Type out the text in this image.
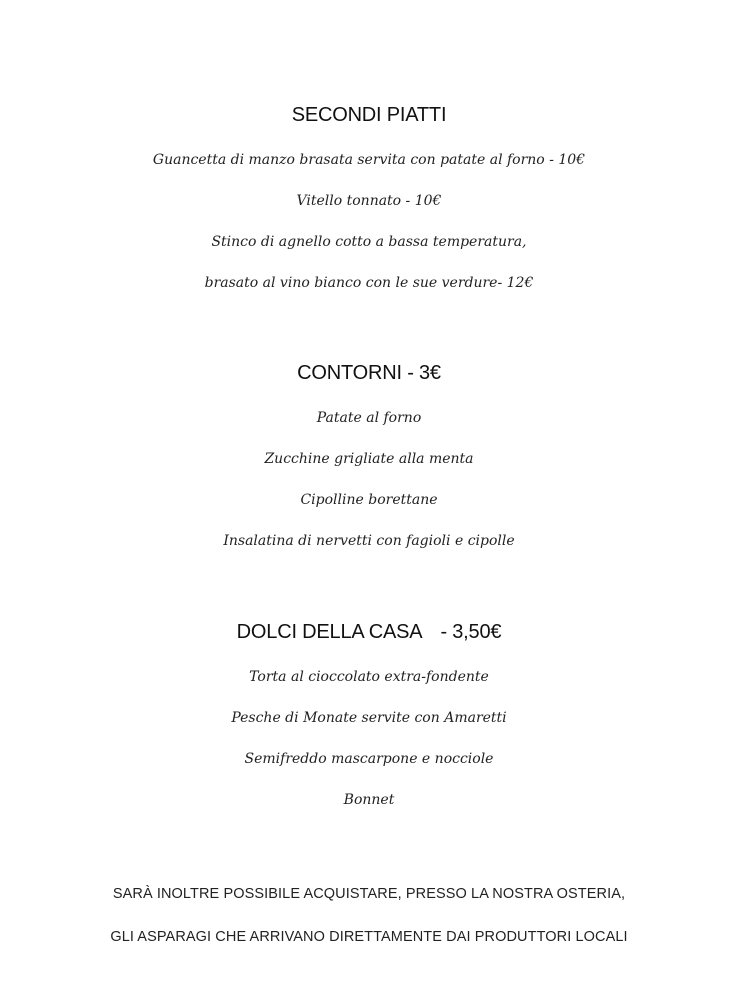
SECONDI PIATTI
Guancetta di manzo brasata servita con patate al forno - 10€
Vitello tonnato - 10€
Stinco di agnello cotto a bassa temperatura,
brasato al vino bianco con le sue verdure- 12€
CONTORNI - 3€
Patate al forno
Zucchine grigliate alla menta
Cipolline borettane
Insalatina di nervetti con fagioli e cipolle
DOLCI DELLA CASA - 3,50€
Torta al cioccolato extra-fondente
Pesche di Monate servite con Amaretti
Semifreddo mascarpone e nocciole
Bonnet
SARÀ INOLTRE POSSIBILE ACQUISTARE, PRESSO LA NOSTRA OSTERIA,
GLI ASPARAGI CHE ARRIVANO DIRETTAMENTE DAI PRODUTTORI LOCALI
